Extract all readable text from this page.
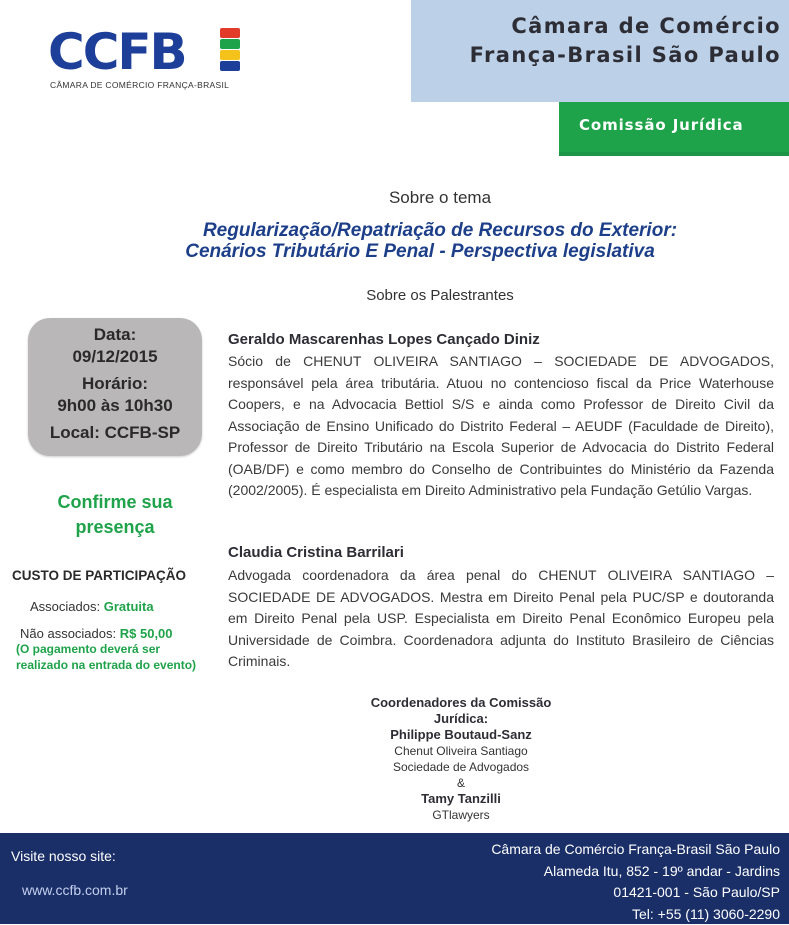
CCFB
CÂMARA DE COMÉRCIO FRANÇA-BRASIL
Câmara de Comércio
França-Brasil São Paulo
Comissão Jurídica
Sobre o tema
Regularização/Repatriação de Recursos do Exterior:
Cenários Tributário E Penal - Perspectiva legislativa
Sobre os Palestrantes
Data:
09/12/2015
Horário:
9h00 às 10h30
Local: CCFB-SP
Confirme sua
presença
CUSTO DE PARTICIPAÇÃO
Associados: Gratuita
Não associados: R$ 50,00
(O pagamento deverá ser
realizado na entrada do evento)
Geraldo Mascarenhas Lopes Cançado Diniz
Sócio de CHENUT OLIVEIRA SANTIAGO – SOCIEDADE DE ADVOGADOS, responsável pela área tributária. Atuou no contencioso fiscal da Price Waterhouse Coopers, e na Advocacia Bettiol S/S e ainda como Professor de Direito Civil da Associação de Ensino Unificado do Distrito Federal – AEUDF (Faculdade de Direito), Professor de Direito Tributário na Escola Superior de Advocacia do Distrito Federal (OAB/DF) e como membro do Conselho de Contribuintes do Ministério da Fazenda (2002/2005). É especialista em Direito Administrativo pela Fundação Getúlio Vargas.
Claudia Cristina Barrilari
Advogada coordenadora da área penal do CHENUT OLIVEIRA SANTIAGO – SOCIEDADE DE ADVOGADOS. Mestra em Direito Penal pela PUC/SP e doutoranda em Direito Penal pela USP. Especialista em Direito Penal Econômico Europeu pela Universidade de Coimbra. Coordenadora adjunta do Instituto Brasileiro de Ciências Criminais.
Coordenadores da Comissão
Jurídica:
Philippe Boutaud-Sanz
Chenut Oliveira Santiago
Sociedade de Advogados
&
Tamy Tanzilli
GTlawyers
Visite nosso site:
www.ccfb.com.br
Câmara de Comércio França-Brasil São Paulo
Alameda Itu, 852 - 19º andar - Jardins
01421-001 - São Paulo/SP
Tel: +55 (11) 3060-2290
